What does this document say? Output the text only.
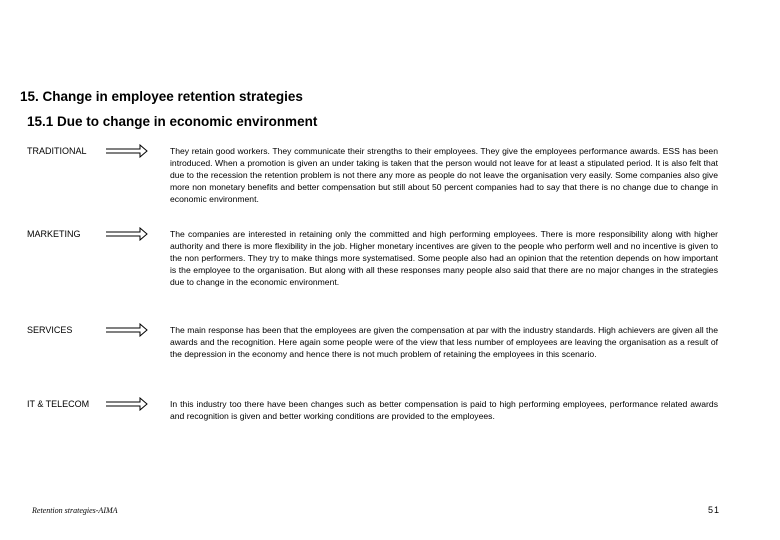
15. Change in employee retention strategies
15.1 Due to change in economic environment
TRADITIONAL	They retain good workers. They communicate their strengths to their employees. They give the employees performance awards. ESS has been introduced. When a promotion is given an under taking is taken that the person would not leave for at least a stipulated period. It is also felt that due to the recession the retention problem is not there any more as people do not leave the organisation very easily. Some companies also give more non monetary benefits and better compensation but still about 50 percent companies had to say that there is no change due to change in economic environment.
MARKETING	The companies are interested in retaining only the committed and high performing employees. There is more responsibility along with higher authority and there is more flexibility in the job. Higher monetary incentives are given to the people who perform well and no incentive is given to the non performers. They try to make things more systematised. Some people also had an opinion that the retention depends on how important is the employee to the organisation. But along with all these responses many people also said that there are no major changes in the strategies due to change in the economic environment.
SERVICES	The main response has been that the employees are given the compensation at par with the industry standards. High achievers are given all the awards and the recognition. Here again some people were of the view that less number of employees are leaving the organisation as a result of the depression in the economy and hence there is not much problem of retaining the employees in this scenario.
IT & TELECOM	In this industry too there have been changes such as better compensation is paid to high performing employees, performance related awards and recognition is given and better working conditions are provided to the employees.
Retention strategies-AIMA	51
